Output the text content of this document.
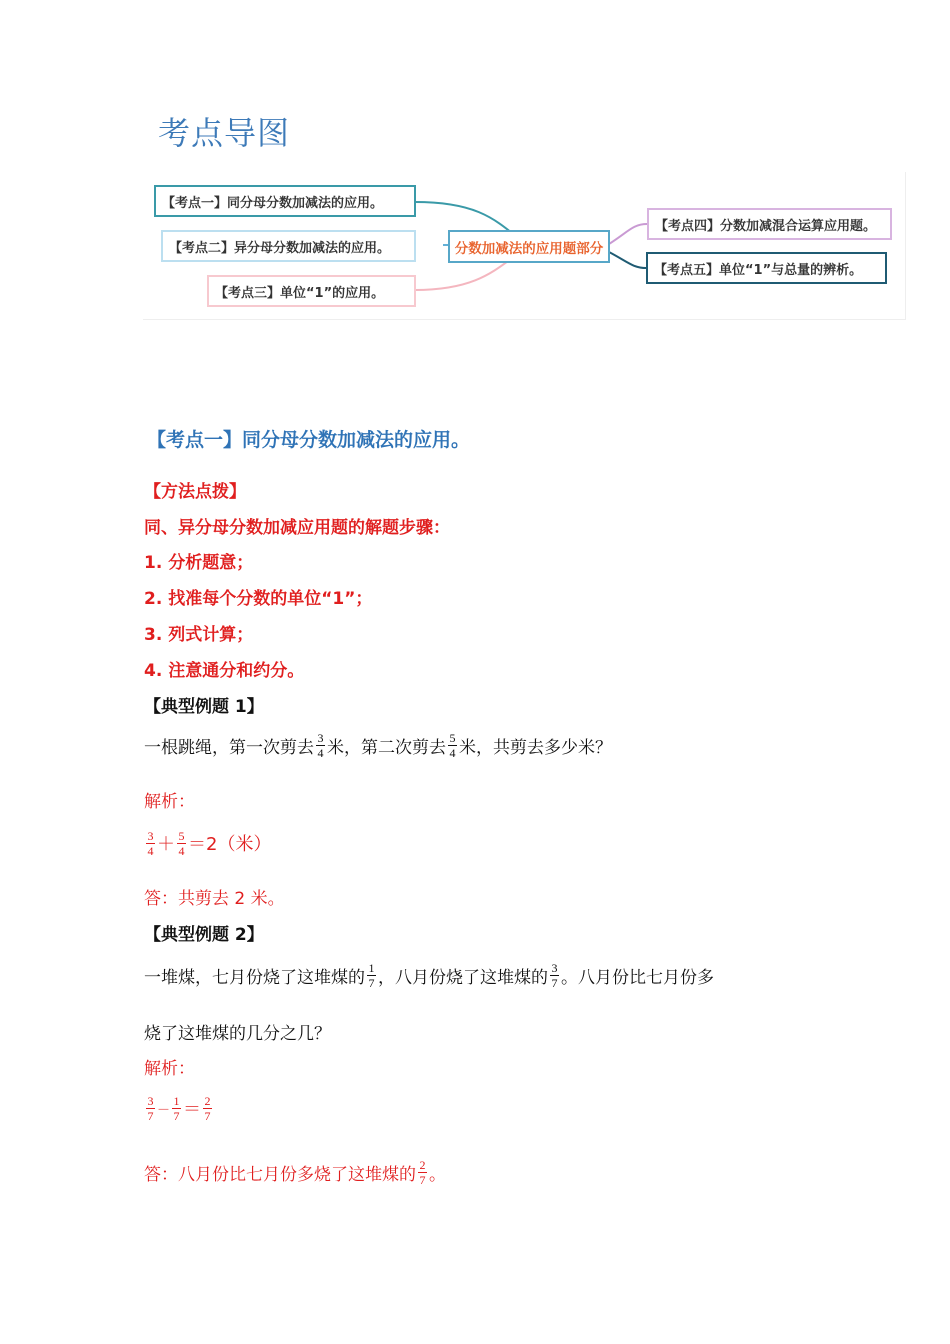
考点导图
【考点一】同分母分数加减法的应用。
【考点二】异分母分数加减法的应用。
【考点三】单位“1”的应用。
分数加减法的应用题部分
【考点四】分数加减混合运算应用题。
【考点五】单位“1”与总量的辨析。
【考点一】同分母分数加减法的应用。
【方法点拨】
同、异分母分数加减应用题的解题步骤：
1. 分析题意；
2. 找准每个分数的单位“1”；
3. 列式计算；
4. 注意通分和约分。
【典型例题 1】
一根跳绳，第一次剪去 $\frac{3}{4}$ 米，第二次剪去 $\frac{5}{4}$ 米，共剪去多少米？
解析：
$\frac{3}{4} + \frac{5}{4} =2$（米）
答：共剪去 2 米。
【典型例题 2】
一堆煤，七月份烧了这堆煤的 $\frac{1}{7}$ ，八月份烧了这堆煤的 $\frac{3}{7}$ 。八月份比七月份多
烧了这堆煤的几分之几？
解析：
$\frac{3}{7} - \frac{1}{7} = \frac{2}{7}$
答：八月份比七月份多烧了这堆煤的 $\frac{2}{7}$ 。
